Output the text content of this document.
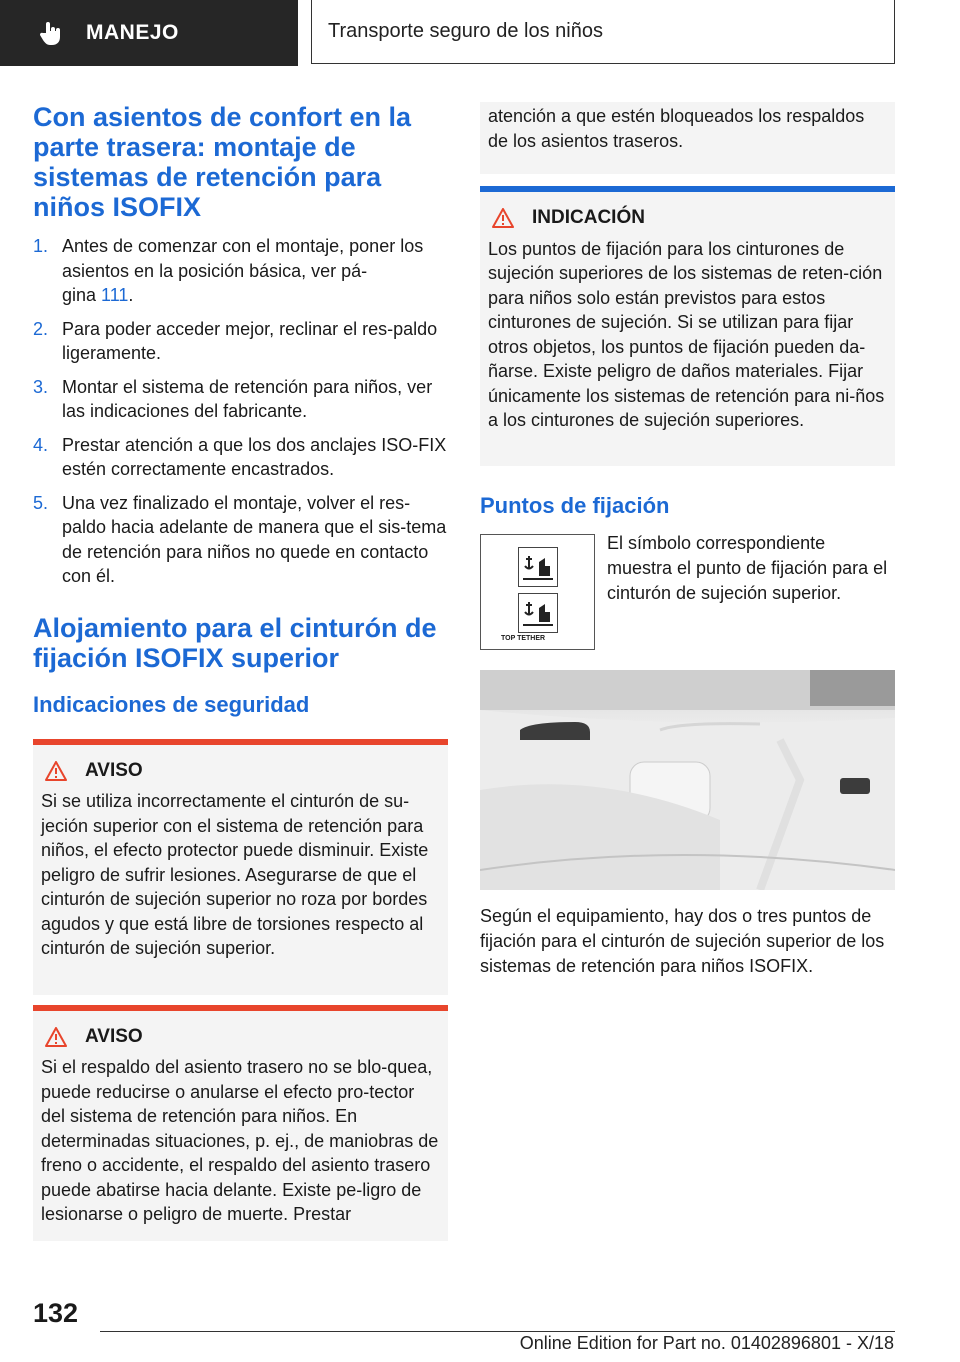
MANEJO	Transporte seguro de los niños
Con asientos de confort en la parte trasera: montaje de sistemas de retención para niños ISOFIX
1. Antes de comenzar con el montaje, poner los asientos en la posición básica, ver pá-
gina 111.
2. Para poder acceder mejor, reclinar el res-paldo ligeramente.
3. Montar el sistema de retención para niños, ver las indicaciones del fabricante.
4. Prestar atención a que los dos anclajes ISO-FIX estén correctamente encastrados.
5. Una vez finalizado el montaje, volver el res-paldo hacia adelante de manera que el sis-tema de retención para niños no quede en contacto con él.
Alojamiento para el cinturón de fijación ISOFIX superior
Indicaciones de seguridad
AVISO
Si se utiliza incorrectamente el cinturón de su-jeción superior con el sistema de retención para niños, el efecto protector puede disminuir. Existe peligro de sufrir lesiones. Asegurarse de que el cinturón de sujeción superior no roza por bordes agudos y que está libre de torsiones respecto al cinturón de sujeción superior.
AVISO
Si el respaldo del asiento trasero no se blo-quea, puede reducirse o anularse el efecto pro-tector del sistema de retención para niños. En determinadas situaciones, p. ej., de maniobras de freno o accidente, el respaldo del asiento trasero puede abatirse hacia delante. Existe pe-ligro de lesionarse o peligro de muerte. Prestar
atención a que estén bloqueados los respaldos de los asientos traseros.
INDICACIÓN
Los puntos de fijación para los cinturones de sujeción superiores de los sistemas de reten-ción para niños solo están previstos para estos cinturones de sujeción. Si se utilizan para fijar otros objetos, los puntos de fijación pueden da-ñarse. Existe peligro de daños materiales. Fijar únicamente los sistemas de retención para ni-ños a los cinturones de sujeción superiores.
Puntos de fijación
TOP TETHER
El símbolo correspondiente muestra el punto de fijación para el cinturón de sujeción superior.
Según el equipamiento, hay dos o tres puntos de fijación para el cinturón de sujeción superior de los sistemas de retención para niños ISOFIX.
132
Online Edition for Part no. 01402896801 - X/18
